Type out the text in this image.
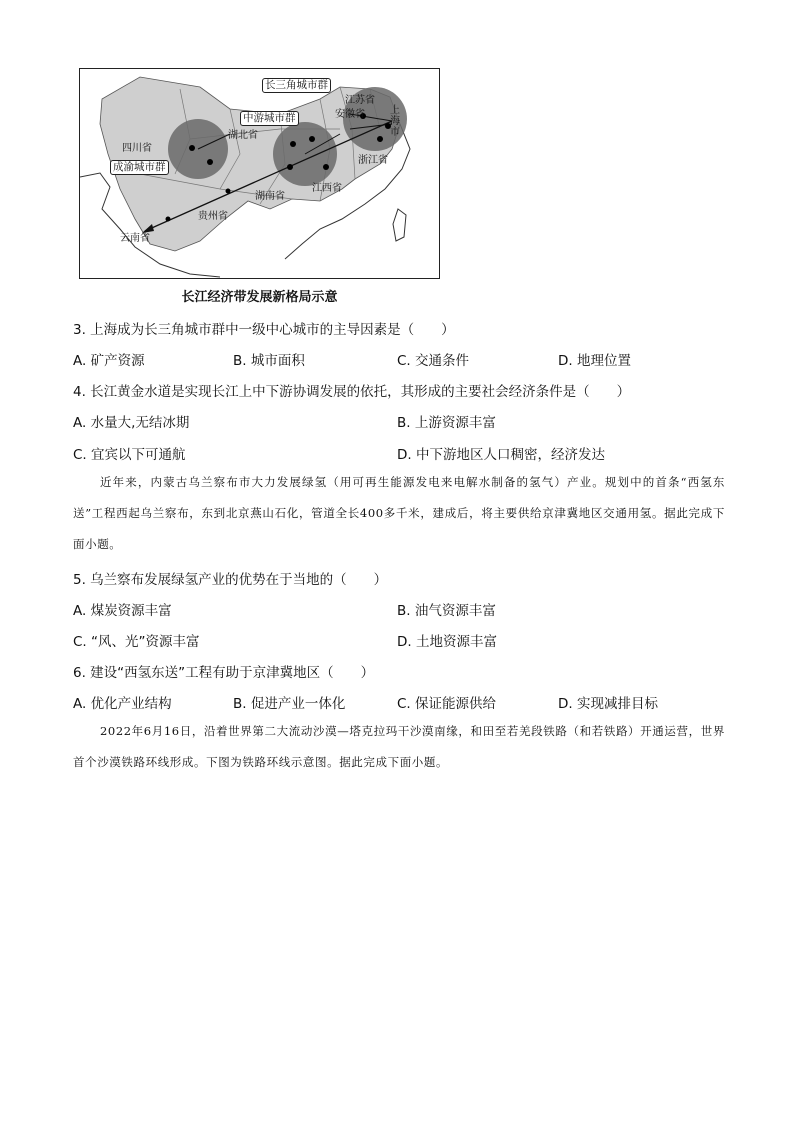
长三角城市群
中游城市群
成渝城市群
四川省
湖北省
安徽省
江苏省
上海市
浙江省
湖南省
江西省
贵州省
云南省
长江经济带发展新格局示意
3. 上海成为长三角城市群中一级中心城市的主导因素是（　　）
A. 矿产资源	B. 城市面积	C. 交通条件	D. 地理位置
4. 长江黄金水道是实现长江上中下游协调发展的依托，其形成的主要社会经济条件是（　　）
A. 水量大,无结冰期	B. 上游资源丰富
C. 宜宾以下可通航	D. 中下游地区人口稠密，经济发达
近年来，内蒙古乌兰察布市大力发展绿氢（用可再生能源发电来电解水制备的氢气）产业。规划中的首条“西氢东送”工程西起乌兰察布，东到北京燕山石化，管道全长400多千米，建成后，将主要供给京津冀地区交通用氢。据此完成下面小题。
5. 乌兰察布发展绿氢产业的优势在于当地的（　　）
A. 煤炭资源丰富	B. 油气资源丰富
C. “风、光”资源丰富	D. 土地资源丰富
6. 建设“西氢东送”工程有助于京津冀地区（　　）
A. 优化产业结构	B. 促进产业一体化	C. 保证能源供给	D. 实现减排目标
2022年6月16日，沿着世界第二大流动沙漠—塔克拉玛干沙漠南缘，和田至若羌段铁路（和若铁路）开通运营，世界首个沙漠铁路环线形成。下图为铁路环线示意图。据此完成下面小题。
